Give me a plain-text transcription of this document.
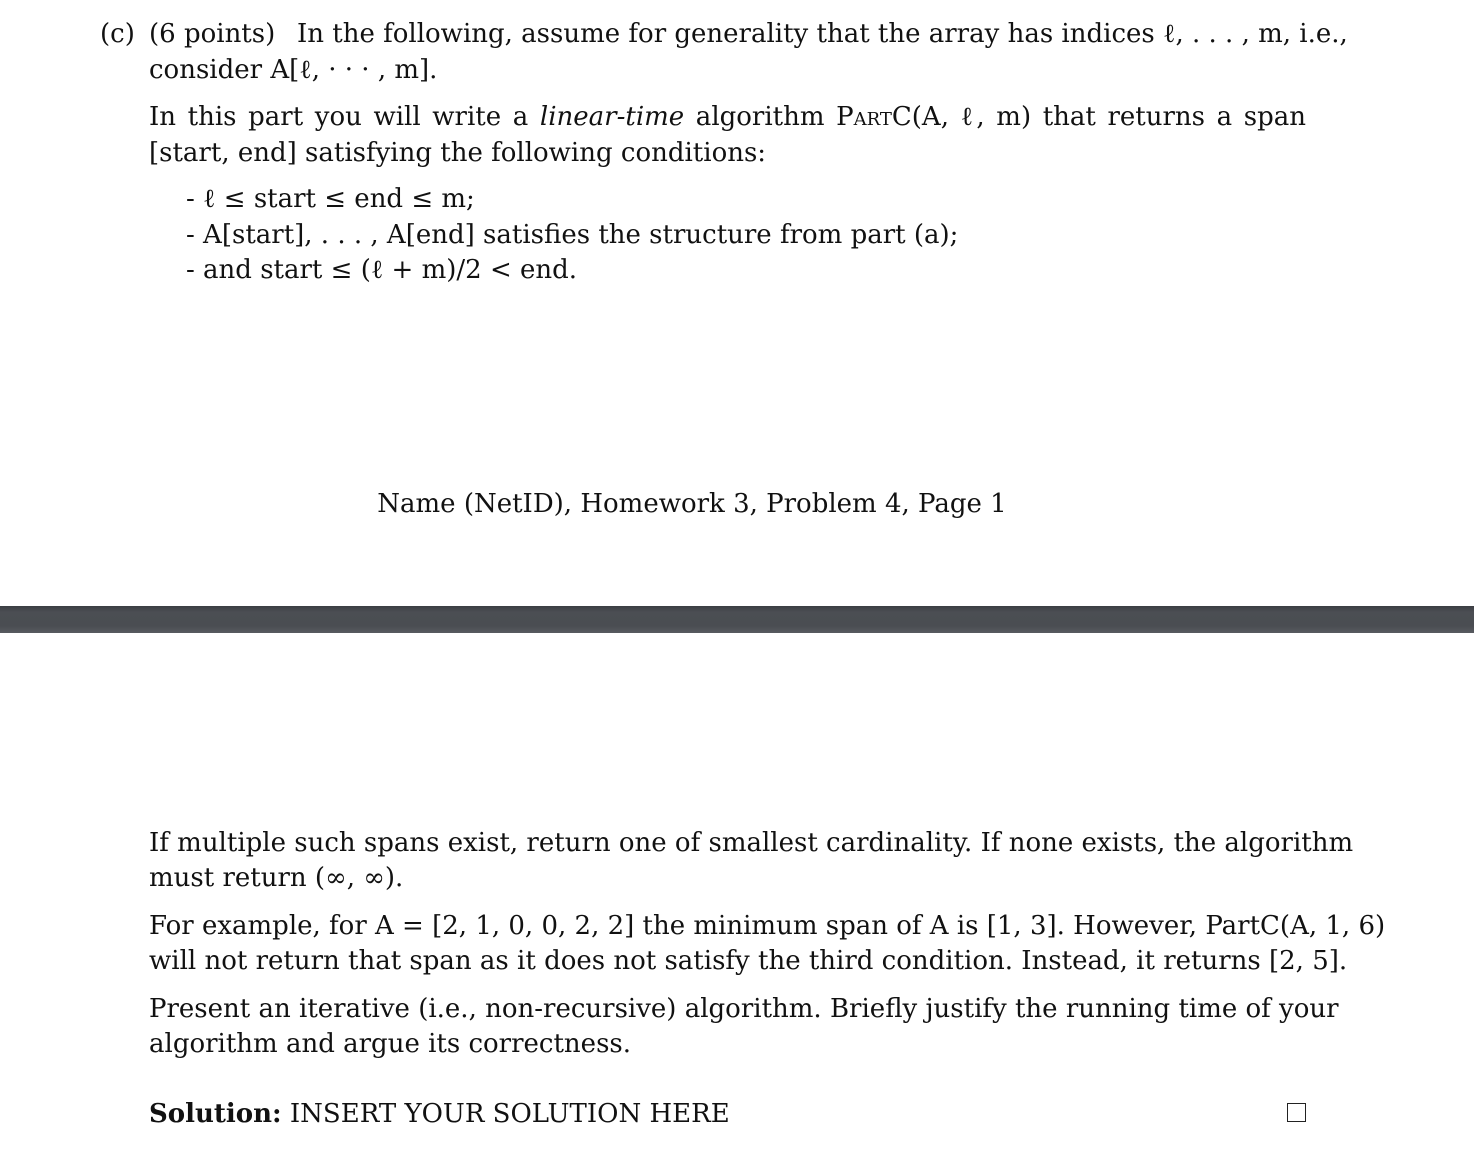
(c) (6 points) In the following, assume for generality that the array has indices ℓ, . . . , m, i.e.,
consider A[ℓ, · · · , m].
In this part you will write a linear-time algorithm PartC(A, ℓ, m) that returns a span
[start, end] satisfying the following conditions:
- ℓ ≤ start ≤ end ≤ m;
- A[start], . . . , A[end] satisfies the structure from part (a);
- and start ≤ (ℓ + m)/2 < end.
Name (NetID), Homework 3, Problem 4, Page 1
If multiple such spans exist, return one of smallest cardinality. If none exists, the algorithm
must return (∞, ∞).
For example, for A = [2, 1, 0, 0, 2, 2] the minimum span of A is [1, 3]. However, PartC(A, 1, 6)
will not return that span as it does not satisfy the third condition. Instead, it returns [2, 5].
Present an iterative (i.e., non-recursive) algorithm. Briefly justify the running time of your
algorithm and argue its correctness.
Solution: INSERT YOUR SOLUTION HERE
